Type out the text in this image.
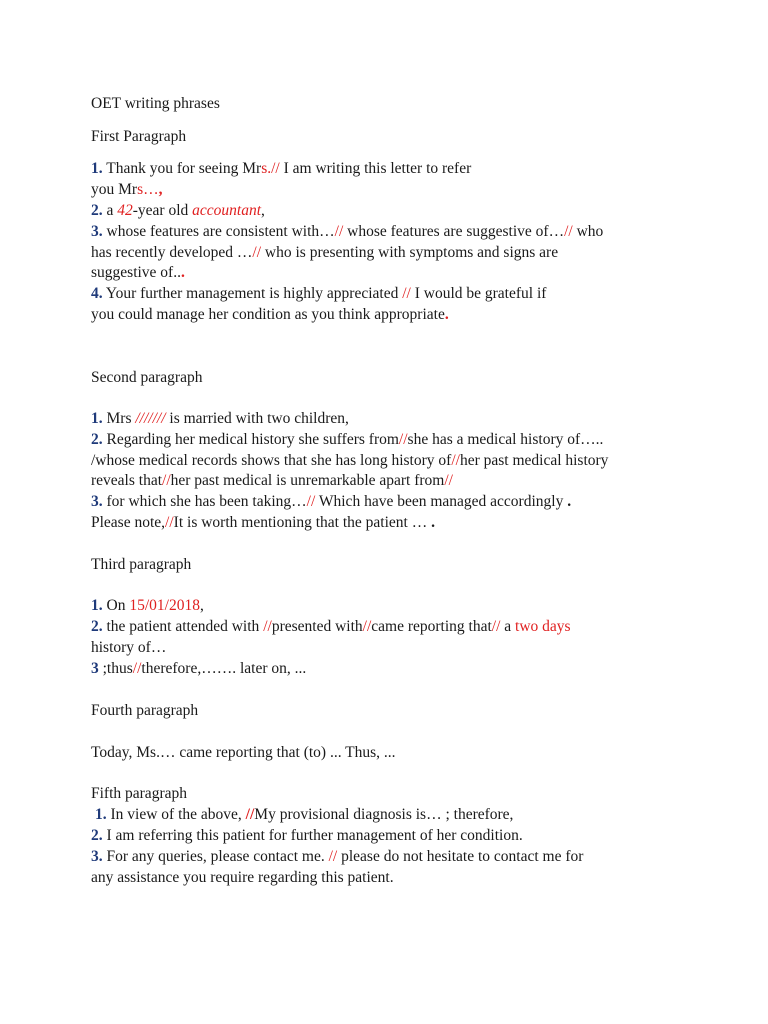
OET writing phrases
First Paragraph
1. Thank you for seeing Mrs.// I am writing this letter to refer
you Mrs…,
2. a 42-year old accountant,
3. whose features are consistent with…// whose features are suggestive of…// who
has recently developed …// who is presenting with symptoms and signs are
suggestive of...
4. Your further management is highly appreciated // I would be grateful if
you could manage her condition as you think appropriate.
Second paragraph
1. Mrs /////// is married with two children,
2. Regarding her medical history she suffers from//she has a medical history of…..
/whose medical records shows that she has long history of//her past medical history
reveals that//her past medical is unremarkable apart from//
3. for which she has been taking…// Which have been managed accordingly .
Please note,//It is worth mentioning that the patient … .
Third paragraph
1. On 15/01/2018,
2. the patient attended with //presented with//came reporting that// a two days
history of…
3 ;thus//therefore,……. later on, ...
Fourth paragraph
Today, Ms.… came reporting that (to) ... Thus, ...
Fifth paragraph
1. In view of the above, //My provisional diagnosis is… ; therefore,
2. I am referring this patient for further management of her condition.
3. For any queries, please contact me. // please do not hesitate to contact me for
any assistance you require regarding this patient.
